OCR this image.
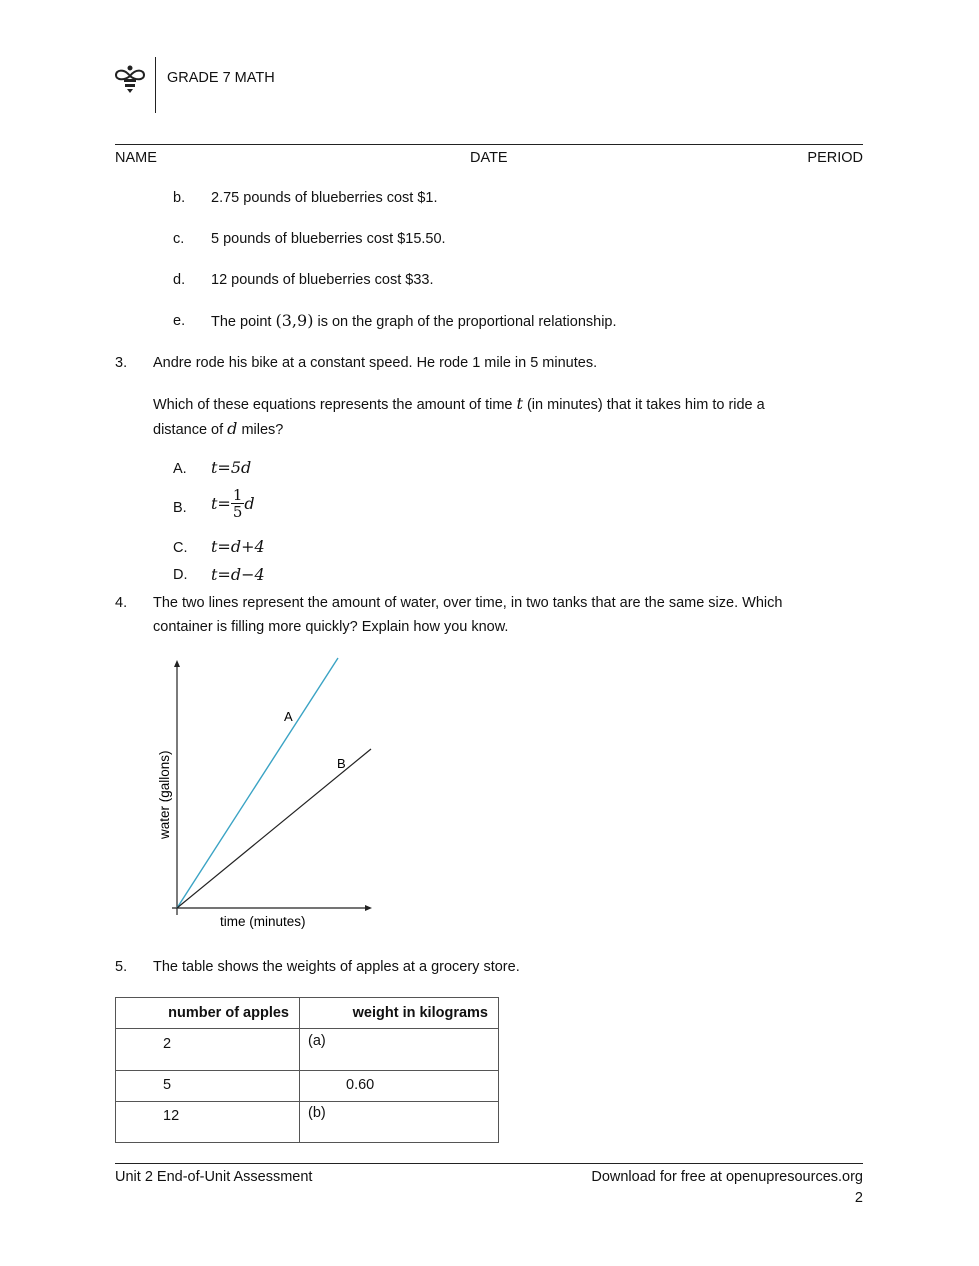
GRADE 7 MATH
NAME	DATE	PERIOD
b. 2.75 pounds of blueberries cost $1.
c. 5 pounds of blueberries cost $15.50.
d. 12 pounds of blueberries cost $33.
e. The point (3,9) is on the graph of the proportional relationship.
3. Andre rode his bike at a constant speed. He rode 1 mile in 5 minutes.
Which of these equations represents the amount of time t (in minutes) that it takes him to ride a
distance of d miles?
A. t=5d
B. $t= \frac{1}{5}$ d
C. t=d+4
D. t=d−4
4. The two lines represent the amount of water, over time, in two tanks that are the same size. Which
container is filling more quickly? Explain how you know.
A
B
time (minutes)
water (gallons)
5. The table shows the weights of apples at a grocery store.
number of apples	weight in kilograms
2	(a)
5	0.60
12	(b)
Unit 2 End-of-Unit Assessment	Download for free at openupresources.org
2
